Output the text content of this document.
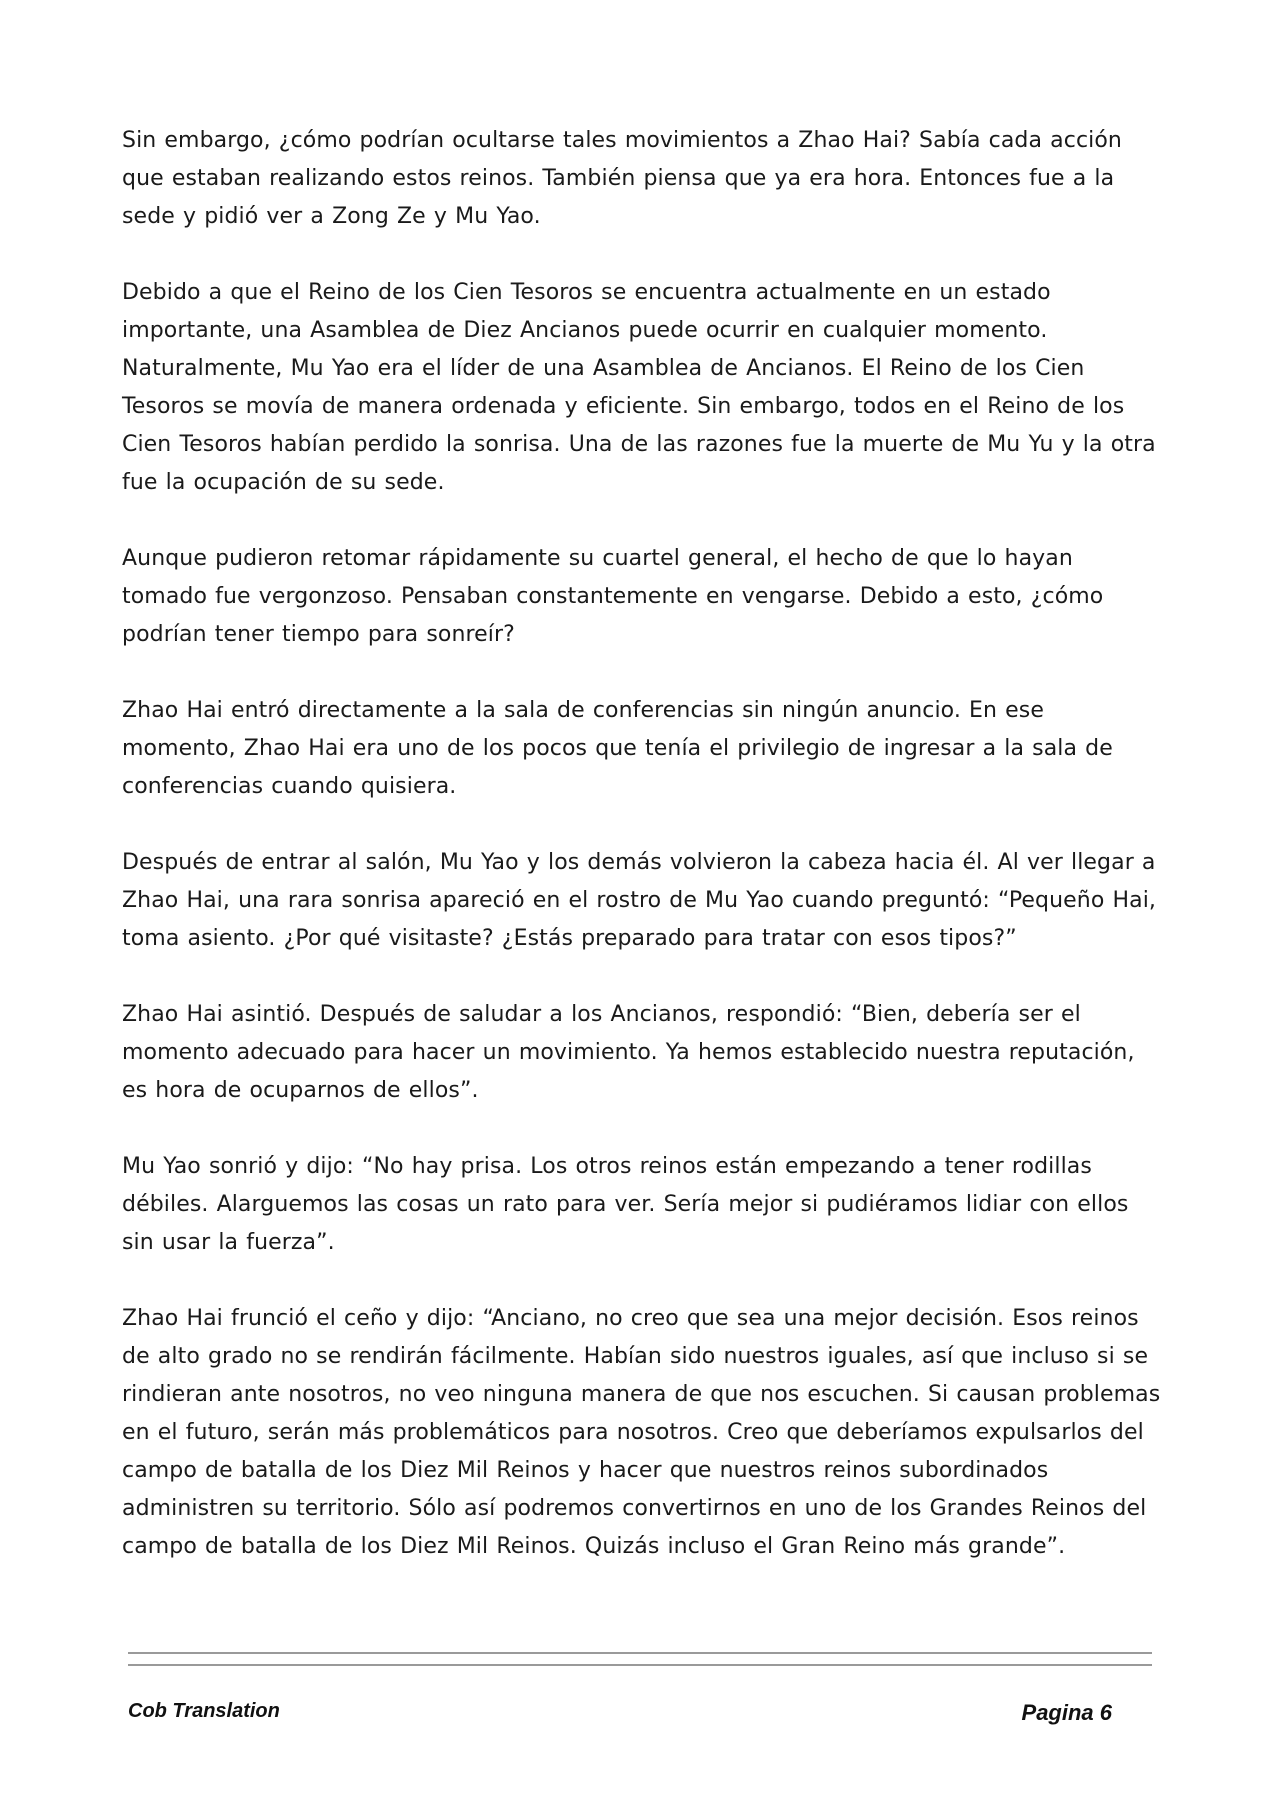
Sin embargo, ¿cómo podrían ocultarse tales movimientos a Zhao Hai? Sabía cada acción que estaban realizando estos reinos. También piensa que ya era hora. Entonces fue a la sede y pidió ver a Zong Ze y Mu Yao.

Debido a que el Reino de los Cien Tesoros se encuentra actualmente en un estado importante, una Asamblea de Diez Ancianos puede ocurrir en cualquier momento. Naturalmente, Mu Yao era el líder de una Asamblea de Ancianos. El Reino de los Cien Tesoros se movía de manera ordenada y eficiente. Sin embargo, todos en el Reino de los Cien Tesoros habían perdido la sonrisa. Una de las razones fue la muerte de Mu Yu y la otra fue la ocupación de su sede.

Aunque pudieron retomar rápidamente su cuartel general, el hecho de que lo hayan tomado fue vergonzoso. Pensaban constantemente en vengarse. Debido a esto, ¿cómo podrían tener tiempo para sonreír?

Zhao Hai entró directamente a la sala de conferencias sin ningún anuncio. En ese momento, Zhao Hai era uno de los pocos que tenía el privilegio de ingresar a la sala de conferencias cuando quisiera.

Después de entrar al salón, Mu Yao y los demás volvieron la cabeza hacia él. Al ver llegar a Zhao Hai, una rara sonrisa apareció en el rostro de Mu Yao cuando preguntó: “Pequeño Hai, toma asiento. ¿Por qué visitaste? ¿Estás preparado para tratar con esos tipos?”

Zhao Hai asintió. Después de saludar a los Ancianos, respondió: “Bien, debería ser el momento adecuado para hacer un movimiento. Ya hemos establecido nuestra reputación, es hora de ocuparnos de ellos”.

Mu Yao sonrió y dijo: “No hay prisa. Los otros reinos están empezando a tener rodillas débiles. Alarguemos las cosas un rato para ver. Sería mejor si pudiéramos lidiar con ellos sin usar la fuerza”.

Zhao Hai frunció el ceño y dijo: “Anciano, no creo que sea una mejor decisión. Esos reinos de alto grado no se rendirán fácilmente. Habían sido nuestros iguales, así que incluso si se rindieran ante nosotros, no veo ninguna manera de que nos escuchen. Si causan problemas en el futuro, serán más problemáticos para nosotros. Creo que deberíamos expulsarlos del campo de batalla de los Diez Mil Reinos y hacer que nuestros reinos subordinados administren su territorio. Sólo así podremos convertirnos en uno de los Grandes Reinos del campo de batalla de los Diez Mil Reinos. Quizás incluso el Gran Reino más grande”.

Cob Translation	Pagina 6
